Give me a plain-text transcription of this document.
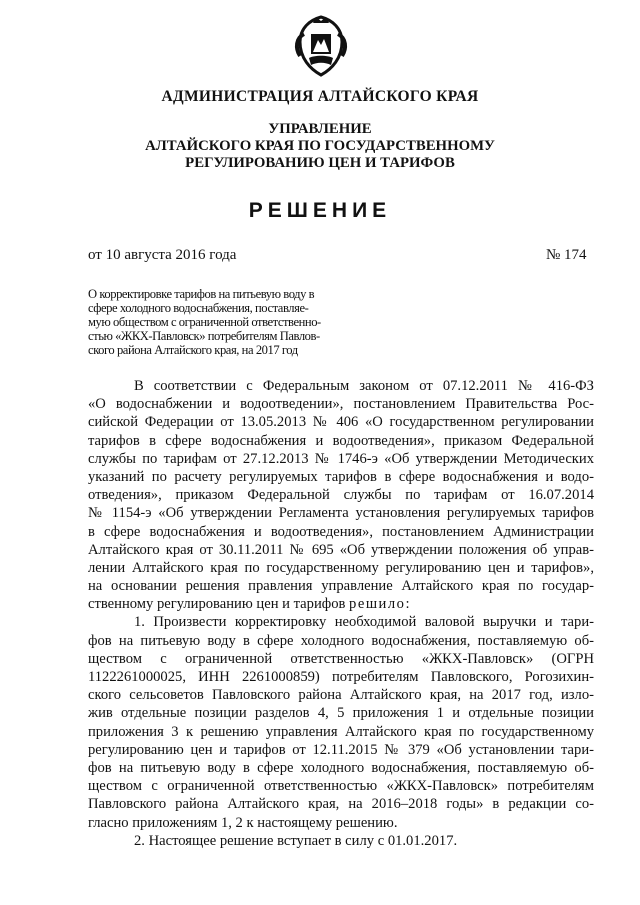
АДМИНИСТРАЦИЯ АЛТАЙСКОГО КРАЯ
УПРАВЛЕНИЕ
АЛТАЙСКОГО КРАЯ ПО ГОСУДАРСТВЕННОМУ
РЕГУЛИРОВАНИЮ ЦЕН И ТАРИФОВ
РЕШЕНИЕ
от 10 августа 2016 года	№ 174
О корректировке тарифов на питьевую воду в
сфере холодного водоснабжения, поставляе-
мую обществом с ограниченной ответственно-
стью «ЖКХ-Павловск» потребителям Павлов-
ского района Алтайского края, на 2017 год
В соответствии с Федеральным законом от 07.12.2011 № 416-ФЗ
«О водоснабжении и водоотведении», постановлением Правительства Рос-
сийской Федерации от 13.05.2013 № 406 «О государственном регулировании
тарифов в сфере водоснабжения и водоотведения», приказом Федеральной
службы по тарифам от 27.12.2013 № 1746-э «Об утверждении Методических
указаний по расчету регулируемых тарифов в сфере водоснабжения и водо-
отведения», приказом Федеральной службы по тарифам от 16.07.2014
№ 1154-э «Об утверждении Регламента установления регулируемых тарифов
в сфере водоснабжения и водоотведения», постановлением Администрации
Алтайского края от 30.11.2011 № 695 «Об утверждении положения об управ-
лении Алтайского края по государственному регулированию цен и тарифов»,
на основании решения правления управление Алтайского края по государ-
ственному регулированию цен и тарифов решило:
1. Произвести корректировку необходимой валовой выручки и тари-
фов на питьевую воду в сфере холодного водоснабжения, поставляемую об-
ществом с ограниченной ответственностью «ЖКХ-Павловск» (ОГРН
1122261000025, ИНН 2261000859) потребителям Павловского, Рогозихин-
ского сельсоветов Павловского района Алтайского края, на 2017 год, изло-
жив отдельные позиции разделов 4, 5 приложения 1 и отдельные позиции
приложения 3 к решению управления Алтайского края по государственному
регулированию цен и тарифов от 12.11.2015 № 379 «Об установлении тари-
фов на питьевую воду в сфере холодного водоснабжения, поставляемую об-
ществом с ограниченной ответственностью «ЖКХ-Павловск» потребителям
Павловского района Алтайского края, на 2016–2018 годы» в редакции со-
гласно приложениям 1, 2 к настоящему решению.
2. Настоящее решение вступает в силу с 01.01.2017.
